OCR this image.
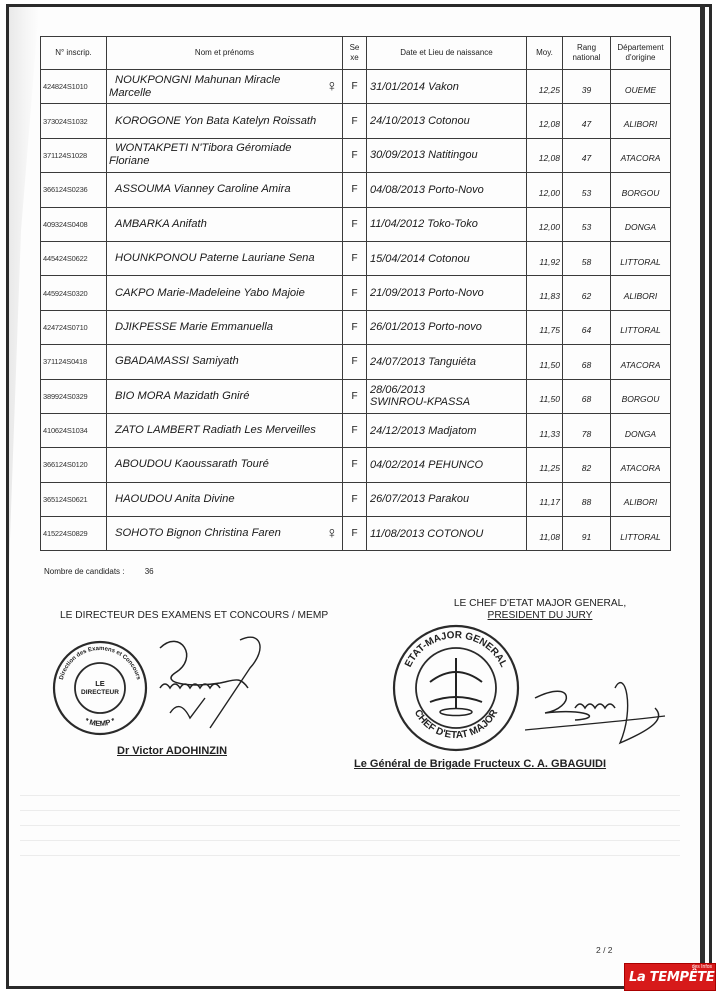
N° inscrip.	Nom et prénoms	Se xe	Date et Lieu de naissance	Moy.	Rang national	Département d'origine
424824S1010	NOUKPONGNI Mahunan Miracle
Marcelle ♀	F	31/01/2014 Vakon	12,25	39	OUEME
373024S1032	KOROGONE Yon Bata Katelyn Roissath	F	24/10/2013 Cotonou	12,08	47	ALIBORI
371124S1028	WONTAKPETI N'Tibora Géromiade
Floriane	F	30/09/2013 Natitingou	12,08	47	ATACORA
366124S0236	ASSOUMA Vianney Caroline Amira	F	04/08/2013 Porto-Novo	12,00	53	BORGOU
409324S0408	AMBARKA Anifath	F	11/04/2012 Toko-Toko	12,00	53	DONGA
445424S0622	HOUNKPONOU Paterne Lauriane Sena	F	15/04/2014 Cotonou	11,92	58	LITTORAL
445924S0320	CAKPO Marie-Madeleine Yabo Majoie	F	21/09/2013 Porto-Novo	11,83	62	ALIBORI
424724S0710	DJIKPESSE Marie Emmanuella	F	26/01/2013 Porto-novo	11,75	64	LITTORAL
371124S0418	GBADAMASSI Samiyath	F	24/07/2013 Tanguiéta	11,50	68	ATACORA
389924S0329	BIO MORA Mazidath Gniré	F	28/06/2013
SWINROU-KPASSA	11,50	68	BORGOU
410624S1034	ZATO LAMBERT Radiath Les Merveilles	F	24/12/2013 Madjatom	11,33	78	DONGA
366124S0120	ABOUDOU Kaoussarath Touré	F	04/02/2014 PEHUNCO	11,25	82	ATACORA
365124S0621	HAOUDOU Anita Divine	F	26/07/2013 Parakou	11,17	88	ALIBORI
415224S0829	SOHOTO Bignon Christina Faren ♀	F	11/08/2013 COTONOU	11,08	91	LITTORAL
Nombre de candidats :	36
LE DIRECTEUR DES EXAMENS ET CONCOURS / MEMP
LE CHEF D'ETAT MAJOR GENERAL,
PRESIDENT DU JURY
Direction des Examens et Concours
* MEMP *
LE
DIRECTEUR
ETAT-MAJOR GENERAL
CHEF D'ETAT MAJOR
Dr Victor ADOHINZIN
Le Général de Brigade Fructeux C. A. GBAGUIDI
2 / 2
des Infos
La TEMPÊTE
